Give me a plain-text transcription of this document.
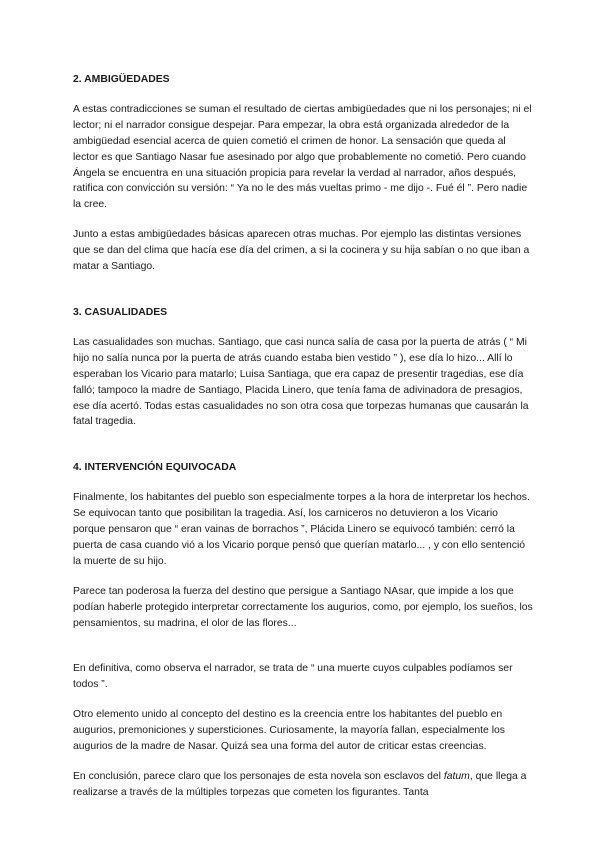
2. AMBIGÜEDADES

A estas contradicciones se suman el resultado de ciertas ambigüedades que ni los personajes; ni el lector; ni el narrador consigue despejar. Para empezar, la obra está organizada alrededor de la ambigüedad esencial acerca de quien cometió el crimen de honor. La sensación que queda al lector es que Santiago Nasar fue asesinado por algo que probablemente no cometió. Pero cuando Ángela se encuentra en una situación propicia para revelar la verdad al narrador, años después, ratifica con convicción su versión: “ Ya no le des más vueltas primo - me dijo -. Fué él ”. Pero nadie la cree.

Junto a estas ambigüedades básicas aparecen otras muchas. Por ejemplo las distintas versiones que se dan del clima que hacía ese día del crimen, a si la cocinera y su hija sabían o no que iban a matar a Santiago.

3. CASUALIDADES

Las casualidades son muchas. Santiago, que casi nunca salía de casa por la puerta de atrás ( “ Mi hijo no salía nunca por la puerta de atrás cuando estaba bien vestido ” ), ese día lo hizo... Allí lo esperaban los Vicario para matarlo; Luisa Santiaga, que era capaz de presentir tragedias, ese día falló; tampoco la madre de Santiago, Placida Linero, que tenía fama de adivinadora de presagios, ese día acertó. Todas estas casualidades no son otra cosa que torpezas humanas que causarán la fatal tragedia.

4. INTERVENCIÓN EQUIVOCADA

Finalmente, los habitantes del pueblo son especialmente torpes a la hora de interpretar los hechos. Se equivocan tanto que posibilitan la tragedia. Así, los carniceros no detuvieron a los Vicario porque pensaron que “ eran vainas de borrachos ”, Plácida Linero se equivocó también: cerró la puerta de casa cuando vió a los Vicario porque pensó que querían matarlo... , y con ello sentenció la muerte de su hijo.

Parece tan poderosa la fuerza del destino que persigue a Santiago NAsar, que impide a los que podían haberle protegido interpretar correctamente los augurios, como, por ejemplo, los sueños, los pensamientos, su madrina, el olor de las flores...

En definitiva, como observa el narrador, se trata de “ una muerte cuyos culpables podíamos ser todos ”.

Otro elemento unido al concepto del destino es la creencia entre los habitantes del pueblo en augurios, premoniciones y supersticiones. Curiosamente, la mayoría fallan, especialmente los augurios de la madre de Nasar. Quizá sea una forma del autor de criticar estas creencias.

En conclusión, parece claro que los personajes de esta novela son esclavos del fatum, que llega a realizarse a través de la múltiples torpezas que cometen los figurantes. Tanta
